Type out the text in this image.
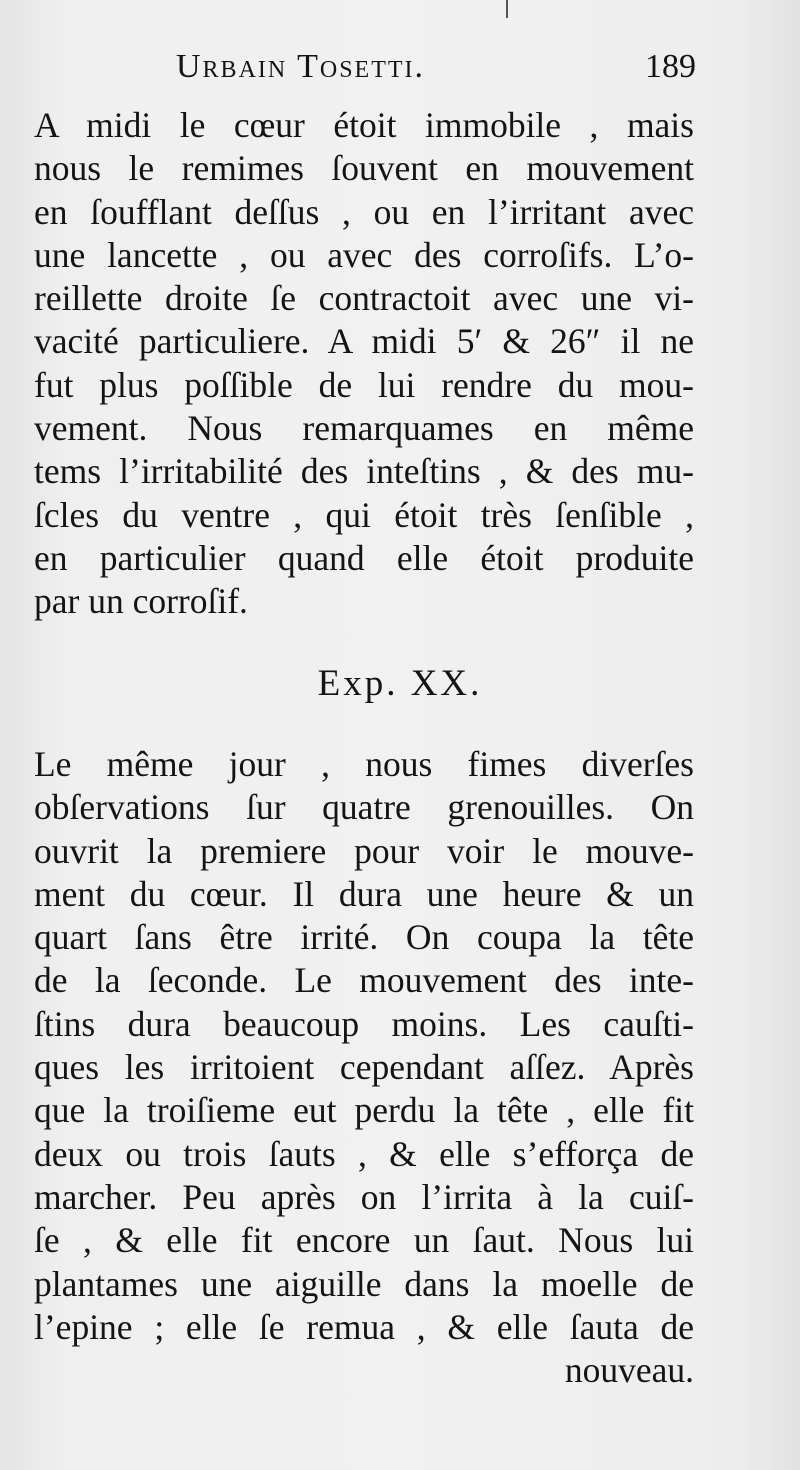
Urbain Tosetti.	189
A midi le cœur étoit immobile , mais
nous le remimes ſouvent en mouvement
en ſoufflant deſſus , ou en l’irritant avec
une lancette , ou avec des corroſifs. L’o-
reillette droite ſe contractoit avec une vi-
vacité particuliere. A midi 5′ & 26″ il ne
fut plus poſſible de lui rendre du mou-
vement. Nous remarquames en même
tems l’irritabilité des inteſtins , & des mu-
ſcles du ventre , qui étoit très ſenſible ,
en particulier quand elle étoit produite
par un corroſif.
Exp. XX.
Le même jour , nous fimes diverſes
obſervations ſur quatre grenouilles. On
ouvrit la premiere pour voir le mouve-
ment du cœur. Il dura une heure & un
quart ſans être irrité. On coupa la tête
de la ſeconde. Le mouvement des inte-
ſtins dura beaucoup moins. Les cauſti-
ques les irritoient cependant aſſez. Après
que la troiſieme eut perdu la tête , elle fit
deux ou trois ſauts , & elle s’efforça de
marcher. Peu après on l’irrita à la cuiſ-
ſe , & elle fit encore un ſaut. Nous lui
plantames une aiguille dans la moelle de
l’epine ; elle ſe remua , & elle ſauta de
nouveau.
